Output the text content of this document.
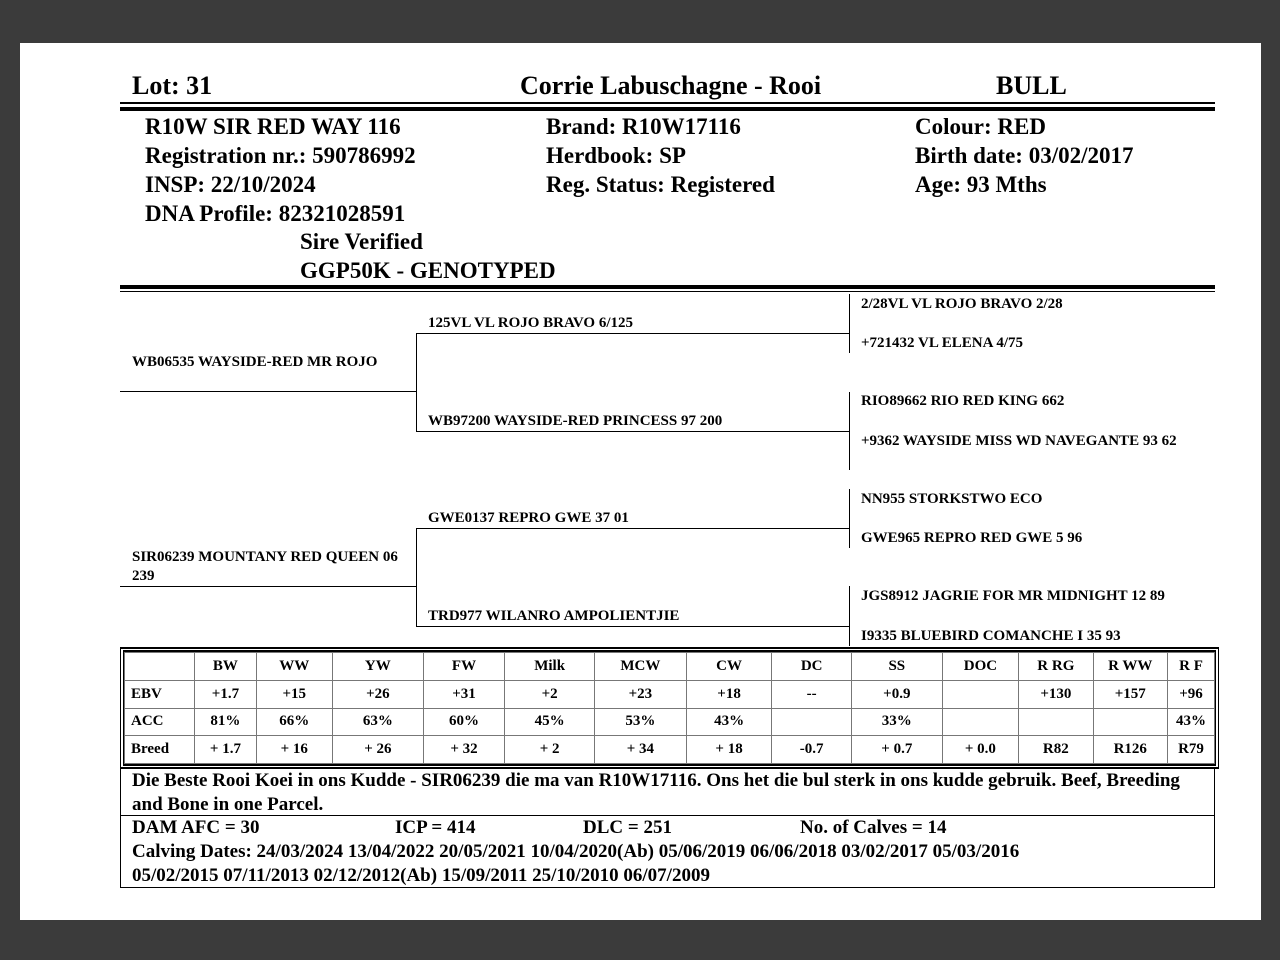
Lot: 31	Corrie Labuschagne - Rooi	BULL
R10W SIR RED WAY 116
Registration nr.: 590786992
INSP: 22/10/2024
DNA Profile: 82321028591
Sire Verified
GGP50K - GENOTYPED
Brand: R10W17116
Herdbook: SP
Reg. Status: Registered
Colour: RED
Birth date: 03/02/2017
Age: 93 Mths
WB06535 WAYSIDE-RED MR ROJO
SIR06239 MOUNTANY RED QUEEN 06 239
125VL VL ROJO BRAVO 6/125
WB97200 WAYSIDE-RED PRINCESS 97 200
GWE0137 REPRO GWE 37 01
TRD977 WILANRO AMPOLIENTJIE
2/28VL VL ROJO BRAVO 2/28
+721432 VL ELENA 4/75
RIO89662 RIO RED KING 662
+9362 WAYSIDE MISS WD NAVEGANTE 93 62
NN955 STORKSTWO ECO
GWE965 REPRO RED GWE 5 96
JGS8912 JAGRIE FOR MR MIDNIGHT 12 89
I9335 BLUEBIRD COMANCHE I 35 93
	BW	WW	YW	FW	Milk	MCW	CW	DC	SS	DOC	R RG	R WW	R F
EBV	+1.7	+15	+26	+31	+2	+23	+18	--	+0.9		+130	+157	+96
ACC	81%	66%	63%	60%	45%	53%	43%		33%				43%
Breed	+ 1.7	+ 16	+ 26	+ 32	+ 2	+ 34	+ 18	-0.7	+ 0.7	+ 0.0	R82	R126	R79
Die Beste Rooi Koei in ons Kudde - SIR06239 die ma van R10W17116. Ons het die bul sterk in ons kudde gebruik. Beef, Breeding and Bone in one Parcel.
DAM AFC = 30	ICP = 414	DLC = 251	No. of Calves = 14
Calving Dates: 24/03/2024 13/04/2022 20/05/2021 10/04/2020(Ab) 05/06/2019 06/06/2018 03/02/2017 05/03/2016
05/02/2015 07/11/2013 02/12/2012(Ab) 15/09/2011 25/10/2010 06/07/2009
